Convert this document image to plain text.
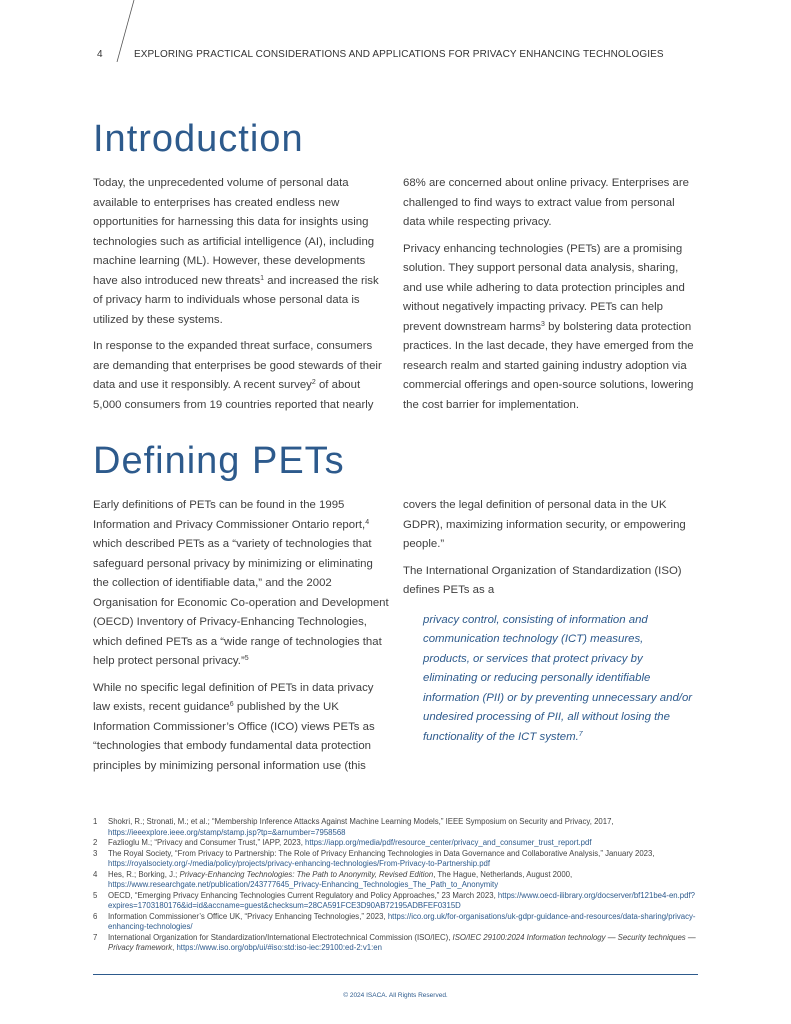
4	EXPLORING PRACTICAL CONSIDERATIONS AND APPLICATIONS FOR PRIVACY ENHANCING TECHNOLOGIES
Introduction

Today, the unprecedented volume of personal data available to enterprises has created endless new opportunities for harnessing this data for insights using technologies such as artificial intelligence (AI), including machine learning (ML). However, these developments have also introduced new threats$^1$ and increased the risk of privacy harm to individuals whose personal data is utilized by these systems.

In response to the expanded threat surface, consumers are demanding that enterprises be good stewards of their data and use it responsibly. A recent survey$^2$ of about 5,000 consumers from 19 countries reported that nearly

68% are concerned about online privacy. Enterprises are challenged to find ways to extract value from personal data while respecting privacy.

Privacy enhancing technologies (PETs) are a promising solution. They support personal data analysis, sharing, and use while adhering to data protection principles and without negatively impacting privacy. PETs can help prevent downstream harms$^3$ by bolstering data protection practices. In the last decade, they have emerged from the research realm and started gaining industry adoption via commercial offerings and open-source solutions, lowering the cost barrier for implementation.

Defining PETs

Early definitions of PETs can be found in the 1995 Information and Privacy Commissioner Ontario report,$^4$ which described PETs as a “variety of technologies that safeguard personal privacy by minimizing or eliminating the collection of identifiable data,” and the 2002 Organisation for Economic Co-operation and Development (OECD) Inventory of Privacy-Enhancing Technologies, which defined PETs as a “wide range of technologies that help protect personal privacy.”$^5$

While no specific legal definition of PETs in data privacy law exists, recent guidance$^6$ published by the UK Information Commissioner’s Office (ICO) views PETs as “technologies that embody fundamental data protection principles by minimizing personal information use (this

covers the legal definition of personal data in the UK GDPR), maximizing information security, or empowering people.”

The International Organization of Standardization (ISO) defines PETs as a

privacy control, consisting of information and communication technology (ICT) measures, products, or services that protect privacy by eliminating or reducing personally identifiable information (PII) or by preventing unnecessary and/or undesired processing of PII, all without losing the functionality of the ICT system.$^7$
1	Shokri, R.; Stronati, M.; et al.; “Membership Inference Attacks Against Machine Learning Models,” IEEE Symposium on Security and Privacy, 2017, https://ieeexplore.ieee.org/stamp/stamp.jsp?tp=&arnumber=7958568
2	Fazlioglu M.; “Privacy and Consumer Trust,” IAPP, 2023, https://iapp.org/media/pdf/resource_center/privacy_and_consumer_trust_report.pdf
3	The Royal Society, “From Privacy to Partnership: The Role of Privacy Enhancing Technologies in Data Governance and Collaborative Analysis,” January 2023, https://royalsociety.org/-/media/policy/projects/privacy-enhancing-technologies/From-Privacy-to-Partnership.pdf
4	Hes, R.; Borking, J.; Privacy-Enhancing Technologies: The Path to Anonymity, Revised Edition, The Hague, Netherlands, August 2000, https://www.researchgate.net/publication/243777645_Privacy-Enhancing_Technologies_The_Path_to_Anonymity
5	OECD, “Emerging Privacy Enhancing Technologies Current Regulatory and Policy Approaches,” 23 March 2023, https://www.oecd-ilibrary.org/docserver/bf121be4-en.pdf?expires=1703180176&id=id&accname=guest&checksum=28CA591FCE3D90AB72195ADBFEF0315D
6	Information Commissioner’s Office UK, “Privacy Enhancing Technologies,” 2023, https://ico.org.uk/for-organisations/uk-gdpr-guidance-and-resources/data-sharing/privacy-enhancing-technologies/
7	International Organization for Standardization/International Electrotechnical Commission (ISO/IEC), ISO/IEC 29100:2024 Information technology — Security techniques — Privacy framework, https://www.iso.org/obp/ui/#iso:std:iso-iec:29100:ed-2:v1:en
© 2024 ISACA. All Rights Reserved.
